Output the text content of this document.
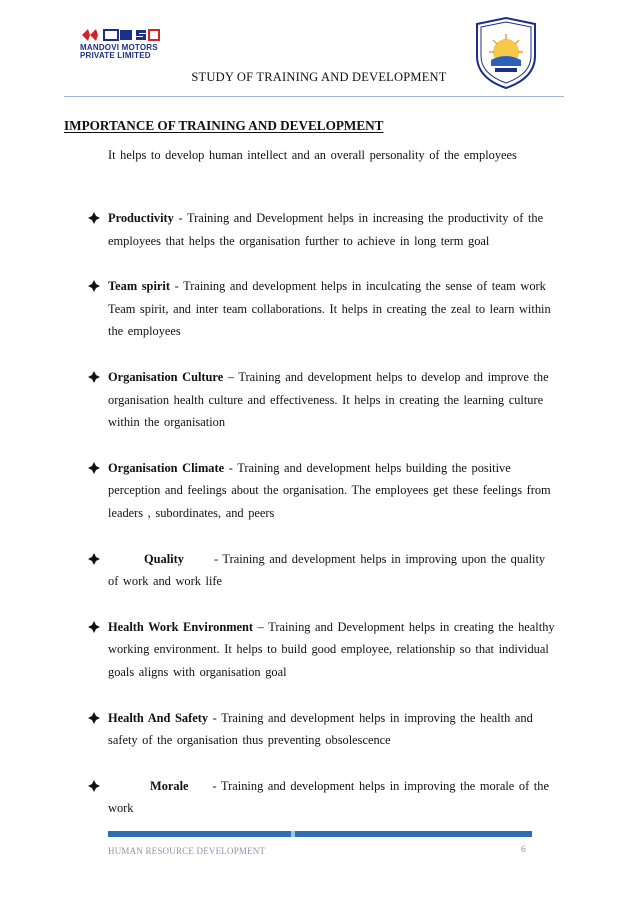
MANDOVI MOTORS
PRIVATE LIMITED
STUDY OF TRAINING AND DEVELOPMENT
IMPORTANCE OF TRAINING AND DEVELOPMENT
It helps to develop human intellect and an overall personality of the employees
Productivity - Training and Development helps in increasing the productivity of the employees that helps the organisation further to achieve in long term goal
Team spirit - Training and development helps in inculcating the sense of team work Team spirit, and inter team collaborations. It helps in creating the zeal to learn within the employees
Organisation Culture – Training and development helps to develop and improve the organisation health culture and effectiveness. It helps in creating the learning culture within the organisation
Organisation Climate - Training and development helps building the positive perception and feelings about the organisation. The employees get these feelings from leaders , subordinates, and peers
Quality - Training and development helps in improving upon the quality of work and work life
Health Work Environment – Training and Development helps in creating the healthy working environment. It helps to build good employee, relationship so that individual goals aligns with organisation goal
Health And Safety - Training and development helps in improving the health and safety of the organisation thus preventing obsolescence
Morale - Training and development helps in improving the morale of the work
HUMAN RESOURCE DEVELOPMENT	6
